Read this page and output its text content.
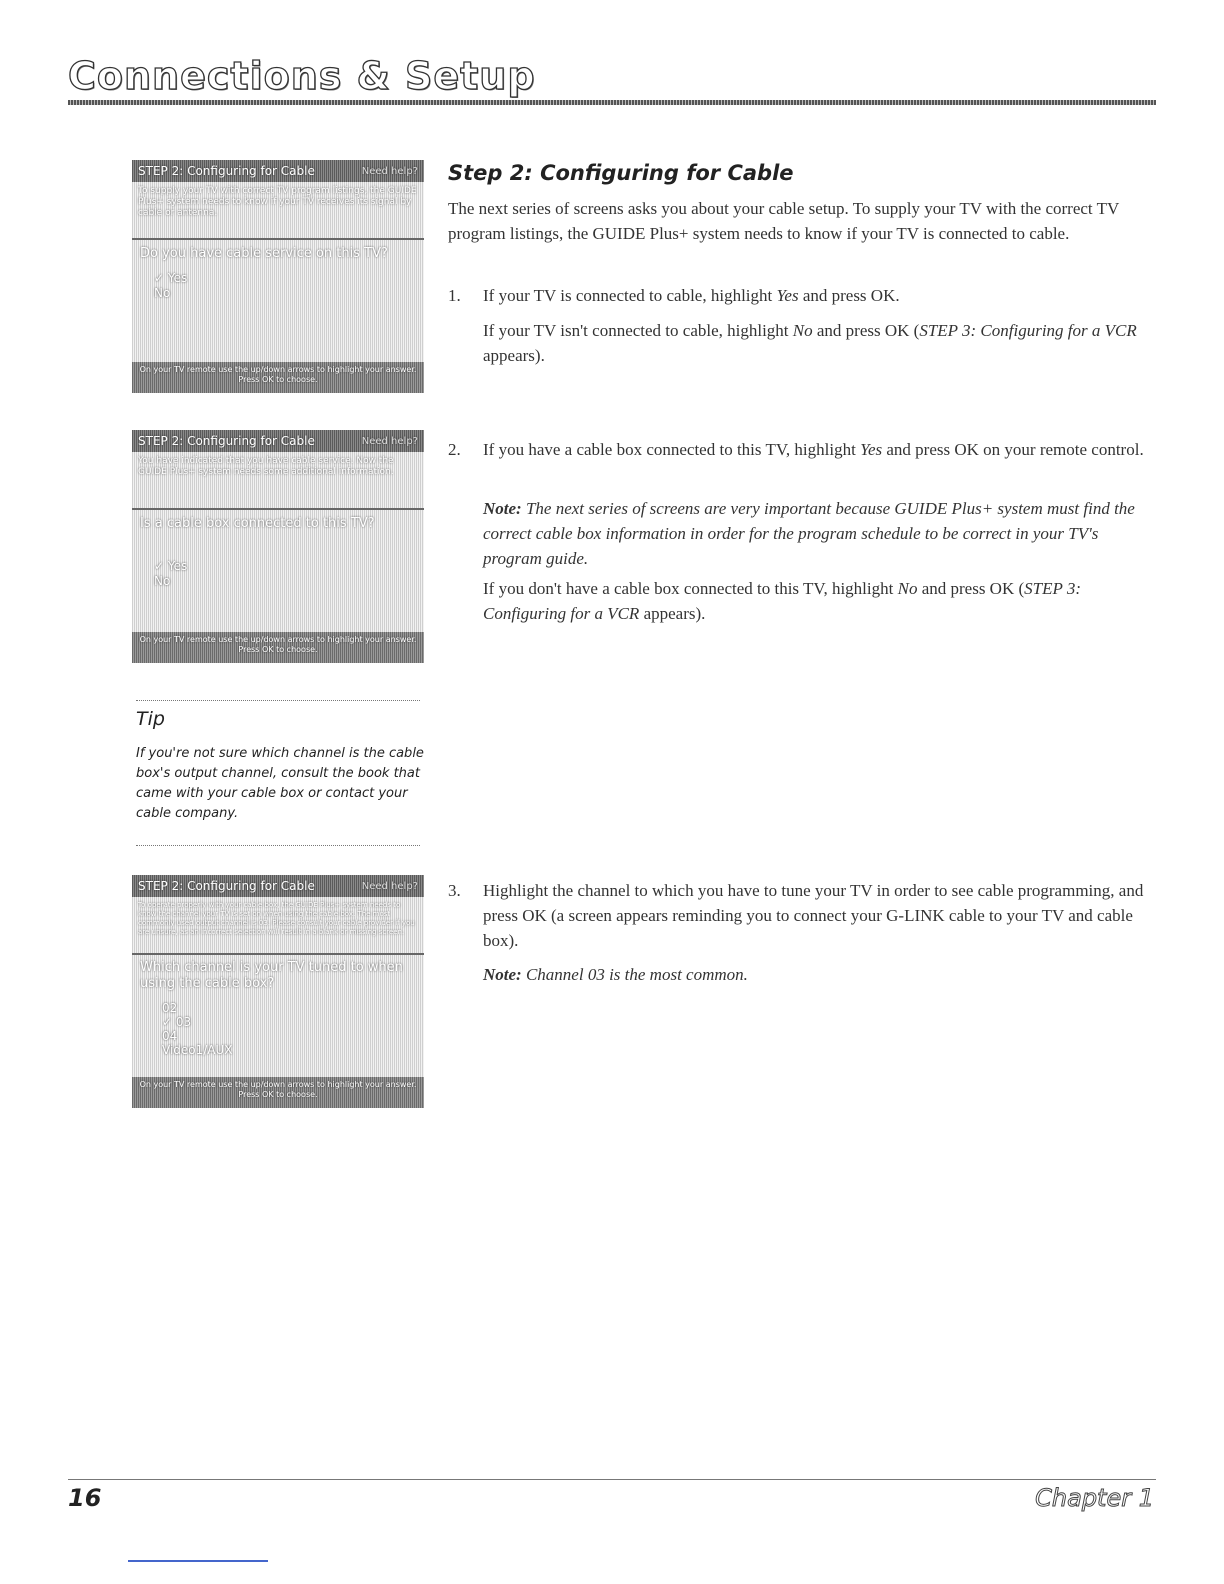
Connections & Setup
STEP 2: Configuring for Cable	Need help?
To supply your TV with correct TV program listings, the GUIDE Plus+ system needs to know if your TV receives its signal by cable or antenna.
Do you have cable service on this TV?
✓ Yes
No
On your TV remote use the up/down arrows to highlight your answer. Press OK to choose.
STEP 2: Configuring for Cable	Need help?
You have indicated that you have cable service. Now the GUIDE Plus+ system needs some additional information.
Is a cable box connected to this TV?
✓ Yes
No
On your TV remote use the up/down arrows to highlight your answer. Press OK to choose.
Tip
If you're not sure which channel is the cable box's output channel, consult the book that came with your cable box or contact your cable company.
STEP 2: Configuring for Cable	Need help?
To operate properly with your cable box, the GUIDE Plus+ system needs to know the channel your TV is set on when using the cable box. The most commonly used output channel is 03. Please consult your cable provider if you are unsure, as an incorrect selection will result in a blank or missing screen.
Which channel is your TV tuned to when using the cable box?
02
✓ 03
04
Video1/AUX
On your TV remote use the up/down arrows to highlight your answer. Press OK to choose.
Step 2: Configuring for Cable
The next series of screens asks you about your cable setup. To supply your TV with the correct TV program listings, the GUIDE Plus+ system needs to know if your TV is connected to cable.
1. If your TV is connected to cable, highlight Yes and press OK.
If your TV isn't connected to cable, highlight No and press OK (STEP 3: Configuring for a VCR appears).
2. If you have a cable box connected to this TV, highlight Yes and press OK on your remote control.
Note: The next series of screens are very important because GUIDE Plus+ system must find the correct cable box information in order for the program schedule to be correct in your TV's program guide.
If you don't have a cable box connected to this TV, highlight No and press OK (STEP 3: Configuring for a VCR appears).
3. Highlight the channel to which you have to tune your TV in order to see cable programming, and press OK (a screen appears reminding you to connect your G-LINK cable to your TV and cable box).
Note: Channel 03 is the most common.
16	Chapter 1
